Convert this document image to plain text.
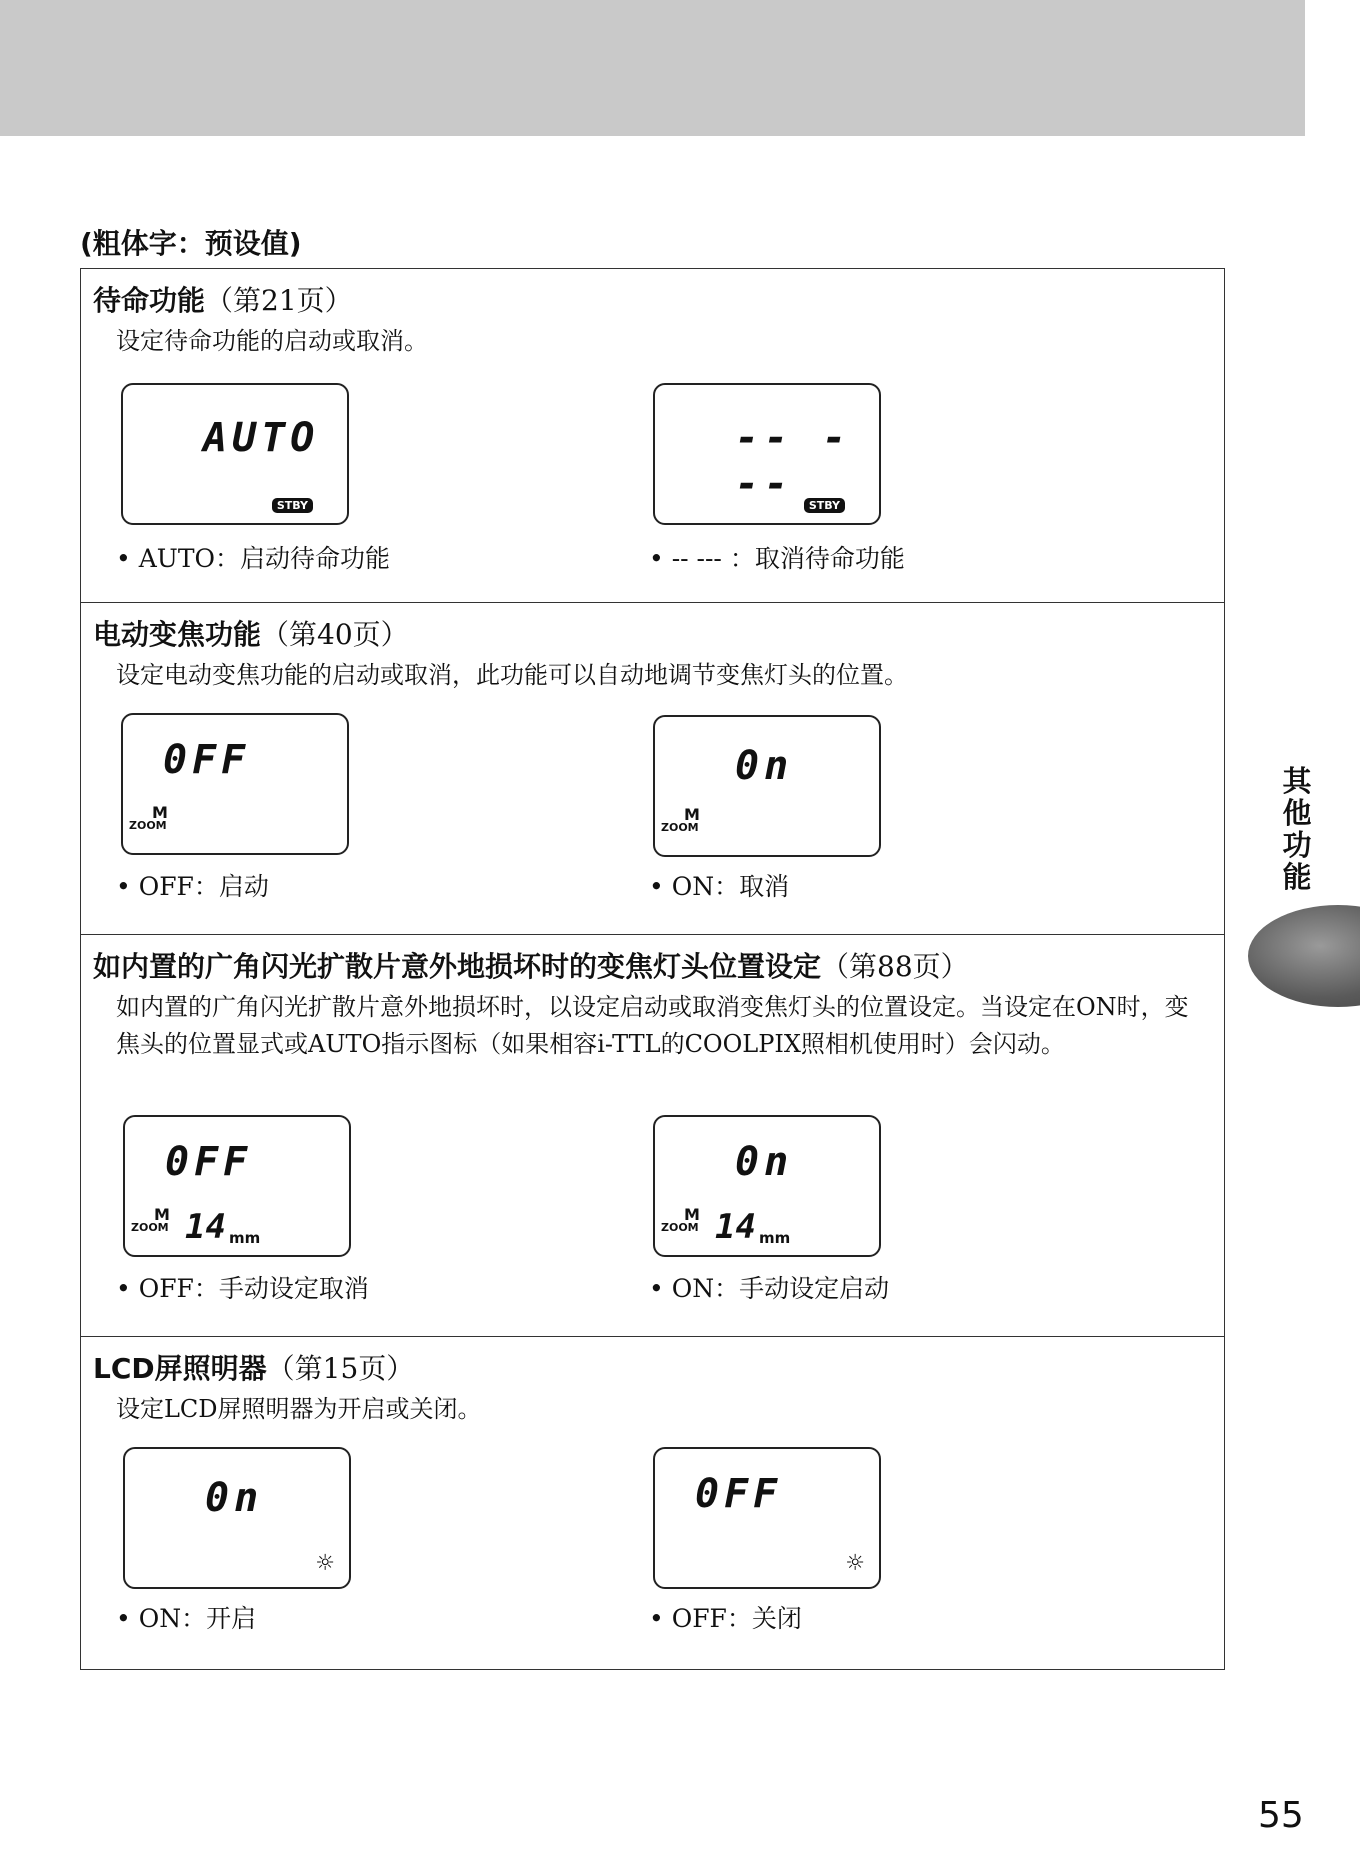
(粗体字：预设值)
待命功能（第21页）
设定待命功能的启动或取消。
AUTO
STBY
• AUTO：启动待命功能
-- ---	STBY
• -- --- ：取消待命功能
电动变焦功能（第40页）
设定电动变焦功能的启动或取消，此功能可以自动地调节变焦灯头的位置。
0FF
M
ZOOM
• OFF：启动
0n
M
ZOOM
• ON：取消
如内置的广角闪光扩散片意外地损坏时的变焦灯头位置设定（第88页）
如内置的广角闪光扩散片意外地损坏时，以设定启动或取消变焦灯头的位置设定。当设定在ON时，变焦头的位置显式或AUTO指示图标（如果相容i-TTL的COOLPIX照相机使用时）会闪动。
0FF
M
ZOOM 14 mm
• OFF：手动设定取消
0n
M
ZOOM 14 mm
• ON：手动设定启动
LCD屏照明器（第15页）
设定LCD屏照明器为开启或关闭。
0n
☼
• ON：开启
0FF
☼
• OFF：关闭
其
他
功
能
55
